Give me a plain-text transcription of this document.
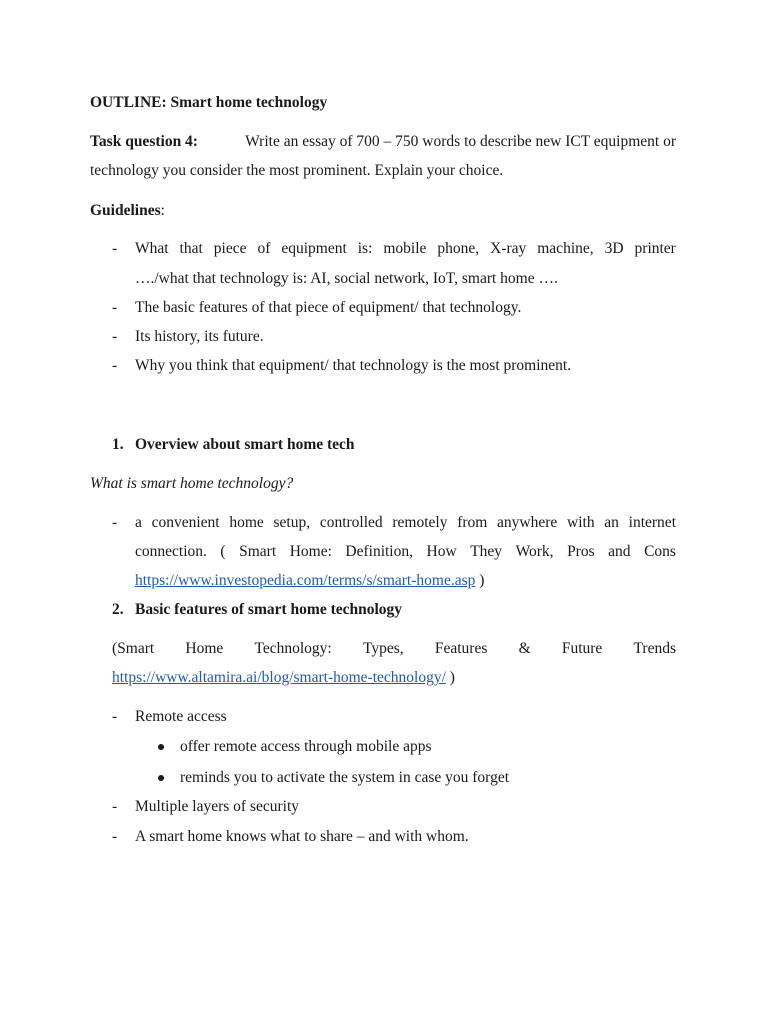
OUTLINE: Smart home technology
Task question 4:	Write an essay of 700 – 750 words to describe new ICT equipment or
technology you consider the most prominent. Explain your choice.
Guidelines:
- What that piece of equipment is: mobile phone, X-ray machine, 3D printer
…./what that technology is: AI, social network, IoT, smart home ….
- The basic features of that piece of equipment/ that technology.
- Its history, its future.
- Why you think that equipment/ that technology is the most prominent.
1. Overview about smart home tech
What is smart home technology?
- a convenient home setup, controlled remotely from anywhere with an internet
connection. ( Smart Home: Definition, How They Work, Pros and Cons
https://www.investopedia.com/terms/s/smart-home.asp )
2. Basic features of smart home technology
(Smart Home Technology: Types, Features & Future Trends
https://www.altamira.ai/blog/smart-home-technology/ )
- Remote access
offer remote access through mobile apps
reminds you to activate the system in case you forget
- Multiple layers of security
- A smart home knows what to share – and with whom.
